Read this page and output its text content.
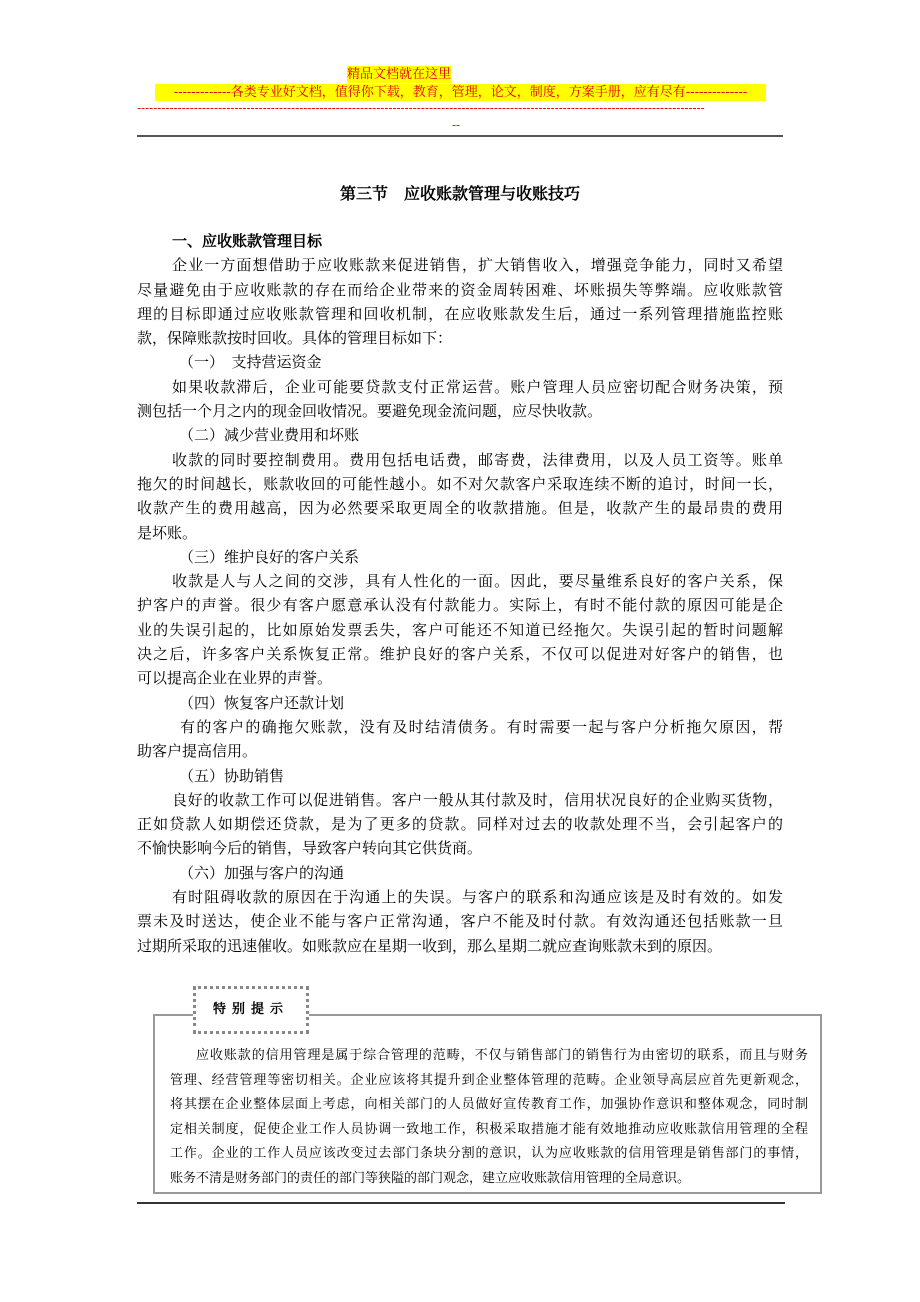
精品文档就在这里
-------------各类专业好文档，值得你下载，教育，管理，论文，制度，方案手册，应有尽有--------------
--------------------------------------------------------------------------------------------------------------------------------------------
--
第三节　应收账款管理与收账技巧
一、应收账款管理目标
企业一方面想借助于应收账款来促进销售，扩大销售收入，增强竞争能力，同时又希望
尽量避免由于应收账款的存在而给企业带来的资金周转困难、坏账损失等弊端。应收账款管
理的目标即通过应收账款管理和回收机制，在应收账款发生后，通过一系列管理措施监控账
款，保障账款按时回收。具体的管理目标如下：
（一）　支持营运资金
如果收款滞后，企业可能要贷款支付正常运营。账户管理人员应密切配合财务决策，预
测包括一个月之内的现金回收情况。要避免现金流问题，应尽快收款。
（二）减少营业费用和坏账
收款的同时要控制费用。费用包括电话费，邮寄费，法律费用，以及人员工资等。账单
拖欠的时间越长，账款收回的可能性越小。如不对欠款客户采取连续不断的追讨，时间一长，
收款产生的费用越高，因为必然要采取更周全的收款措施。但是，收款产生的最昂贵的费用
是坏账。
（三）维护良好的客户关系
收款是人与人之间的交涉，具有人性化的一面。因此，要尽量维系良好的客户关系，保
护客户的声誉。很少有客户愿意承认没有付款能力。实际上，有时不能付款的原因可能是企
业的失误引起的，比如原始发票丢失，客户可能还不知道已经拖欠。失误引起的暂时问题解
决之后，许多客户关系恢复正常。维护良好的客户关系，不仅可以促进对好客户的销售，也
可以提高企业在业界的声誉。
（四）恢复客户还款计划
有的客户的确拖欠账款，没有及时结清债务。有时需要一起与客户分析拖欠原因，帮
助客户提高信用。
（五）协助销售
良好的收款工作可以促进销售。客户一般从其付款及时，信用状况良好的企业购买货物，
正如贷款人如期偿还贷款，是为了更多的贷款。同样对过去的收款处理不当，会引起客户的
不愉快影响今后的销售，导致客户转向其它供货商。
（六）加强与客户的沟通
有时阻碍收款的原因在于沟通上的失误。与客户的联系和沟通应该是及时有效的。如发
票未及时送达，使企业不能与客户正常沟通，客户不能及时付款。有效沟通还包括账款一旦
过期所采取的迅速催收。如账款应在星期一收到，那么星期二就应查询账款未到的原因。
特别提示
应收账款的信用管理是属于综合管理的范畴，不仅与销售部门的销售行为由密切的联系，而且与财务
管理、经营管理等密切相关。企业应该将其提升到企业整体管理的范畴。企业领导高层应首先更新观念，
将其摆在企业整体层面上考虑，向相关部门的人员做好宣传教育工作，加强协作意识和整体观念，同时制
定相关制度，促使企业工作人员协调一致地工作，积极采取措施才能有效地推动应收账款信用管理的全程
工作。企业的工作人员应该改变过去部门条块分割的意识，认为应收账款的信用管理是销售部门的事情，
账务不清是财务部门的责任的部门等狭隘的部门观念，建立应收账款信用管理的全局意识。
